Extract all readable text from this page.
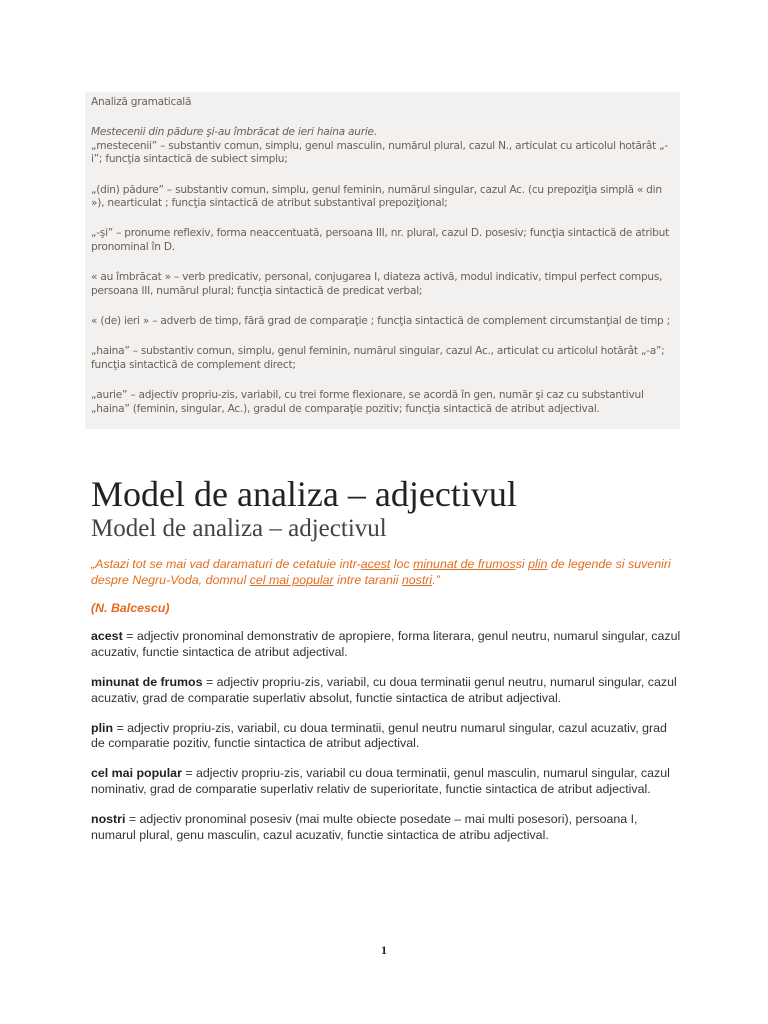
Analiză gramaticală

Mestecenii din pădure şi-au îmbrăcat de ieri haina aurie.

„mestecenii” – substantiv comun, simplu, genul masculin, numărul plural, cazul N., articulat cu articolul hotărât „-i”; funcţia sintactică de subiect simplu;

„(din) pădure” – substantiv comun, simplu, genul feminin, numărul singular, cazul Ac. (cu prepoziţia simplă « din »), nearticulat ; funcţia sintactică de atribut substantival prepoziţional;

„-şi” – pronume reflexiv, forma neaccentuată, persoana III, nr. plural, cazul D. posesiv; funcţia sintactică de atribut pronominal în D.

« au îmbrăcat » – verb predicativ, personal, conjugarea I, diateza activă, modul indicativ, timpul perfect compus, persoana III, numărul plural; funcţia sintactică de predicat verbal;

« (de) ieri » – adverb de timp, fără grad de comparaţie ; funcţia sintactică de complement circumstanţial de timp ;

„haina” – substantiv comun, simplu, genul feminin, numărul singular, cazul Ac., articulat cu articolul hotărât „-a”; funcţia sintactică de complement direct;

„aurie” – adjectiv propriu-zis, variabil, cu trei forme flexionare, se acordă în gen, număr şi caz cu substantivul „haina” (feminin, singular, Ac.), gradul de comparaţie pozitiv; funcţia sintactică de atribut adjectival.

Model de analiza – adjectivul
Model de analiza – adjectivul

„Astazi tot se mai vad daramaturi de cetatuie intr-acest loc minunat de frumossi plin de legende si suveniri despre Negru-Voda, domnul cel mai popular intre taranii nostri.”

(N. Balcescu)

acest = adjectiv pronominal demonstrativ de apropiere, forma literara, genul neutru, numarul singular, cazul acuzativ, functie sintactica de atribut adjectival.

minunat de frumos = adjectiv propriu-zis, variabil, cu doua terminatii genul neutru, numarul singular, cazul acuzativ, grad de comparatie superlativ absolut, functie sintactica de atribut adjectival.

plin = adjectiv propriu-zis, variabil, cu doua terminatii, genul neutru numarul singular, cazul acuzativ, grad de comparatie pozitiv, functie sintactica de atribut adjectival.

cel mai popular = adjectiv propriu-zis, variabil cu doua terminatii, genul masculin, numarul singular, cazul nominativ, grad de comparatie superlativ relativ de superioritate, functie sintactica de atribut adjectival.

nostri = adjectiv pronominal posesiv (mai multe obiecte posedate – mai multi posesori), persoana I, numarul plural, genu masculin, cazul acuzativ, functie sintactica de atribu adjectival.

1
